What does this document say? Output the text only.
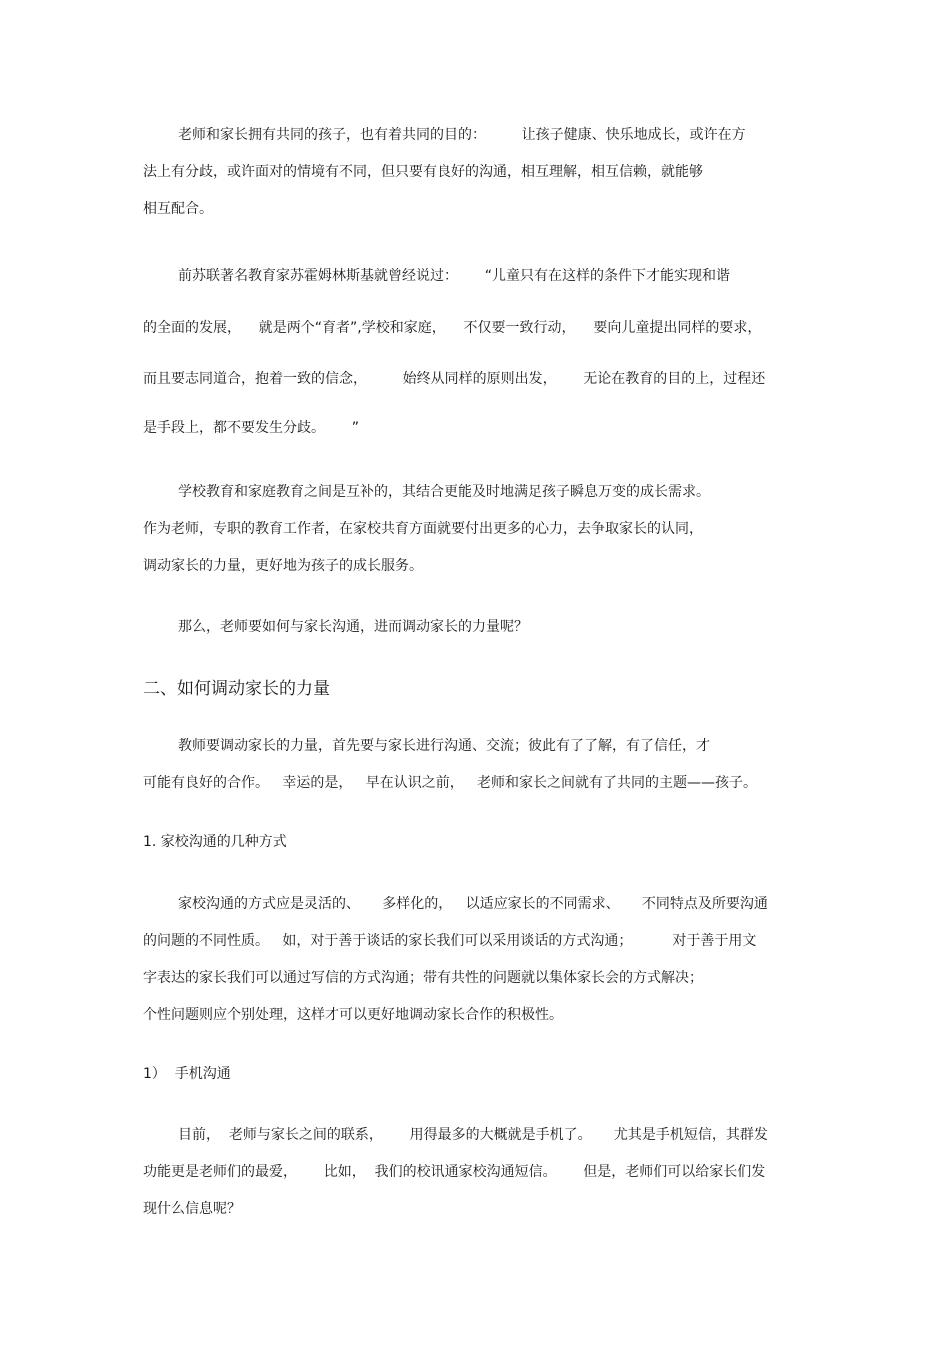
老师和家长拥有共同的孩子，也有着共同的目的：        让孩子健康、快乐地成长，或许在方
法上有分歧，或许面对的情境有不同，但只要有良好的沟通，相互理解，相互信赖，就能够
相互配合。
前苏联著名教育家苏霍姆林斯基就曾经说过：      “儿童只有在这样的条件下才能实现和谐
的全面的发展，    就是两个“育者”,学校和家庭，    不仅要一致行动，    要向儿童提出同样的要求，
而且要志同道合，抱着一致的信念，        始终从同样的原则出发，      无论在教育的目的上，过程还
是手段上，都不要发生分歧。      ”
学校教育和家庭教育之间是互补的，其结合更能及时地满足孩子瞬息万变的成长需求。
作为老师，专职的教育工作者，在家校共育方面就要付出更多的心力，去争取家长的认同，
调动家长的力量，更好地为孩子的成长服务。
那么，老师要如何与家长沟通，进而调动家长的力量呢？
二、如何调动家长的力量
教师要调动家长的力量，首先要与家长进行沟通、交流；彼此有了了解，有了信任，才
可能有良好的合作。   幸运的是，   早在认识之前，   老师和家长之间就有了共同的主题——孩子。
1. 家校沟通的几种方式
家校沟通的方式应是灵活的、     多样化的，   以适应家长的不同需求、     不同特点及所要沟通
的问题的不同性质。   如，对于善于谈话的家长我们可以采用谈话的方式沟通；         对于善于用文
字表达的家长我们可以通过写信的方式沟通；带有共性的问题就以集体家长会的方式解决；
个性问题则应个别处理，这样才可以更好地调动家长合作的积极性。
1）  手机沟通
目前，  老师与家长之间的联系，      用得最多的大概就是手机了。     尤其是手机短信，其群发
功能更是老师们的最爱，      比如，  我们的校讯通家校沟通短信。      但是，老师们可以给家长们发
现什么信息呢？
